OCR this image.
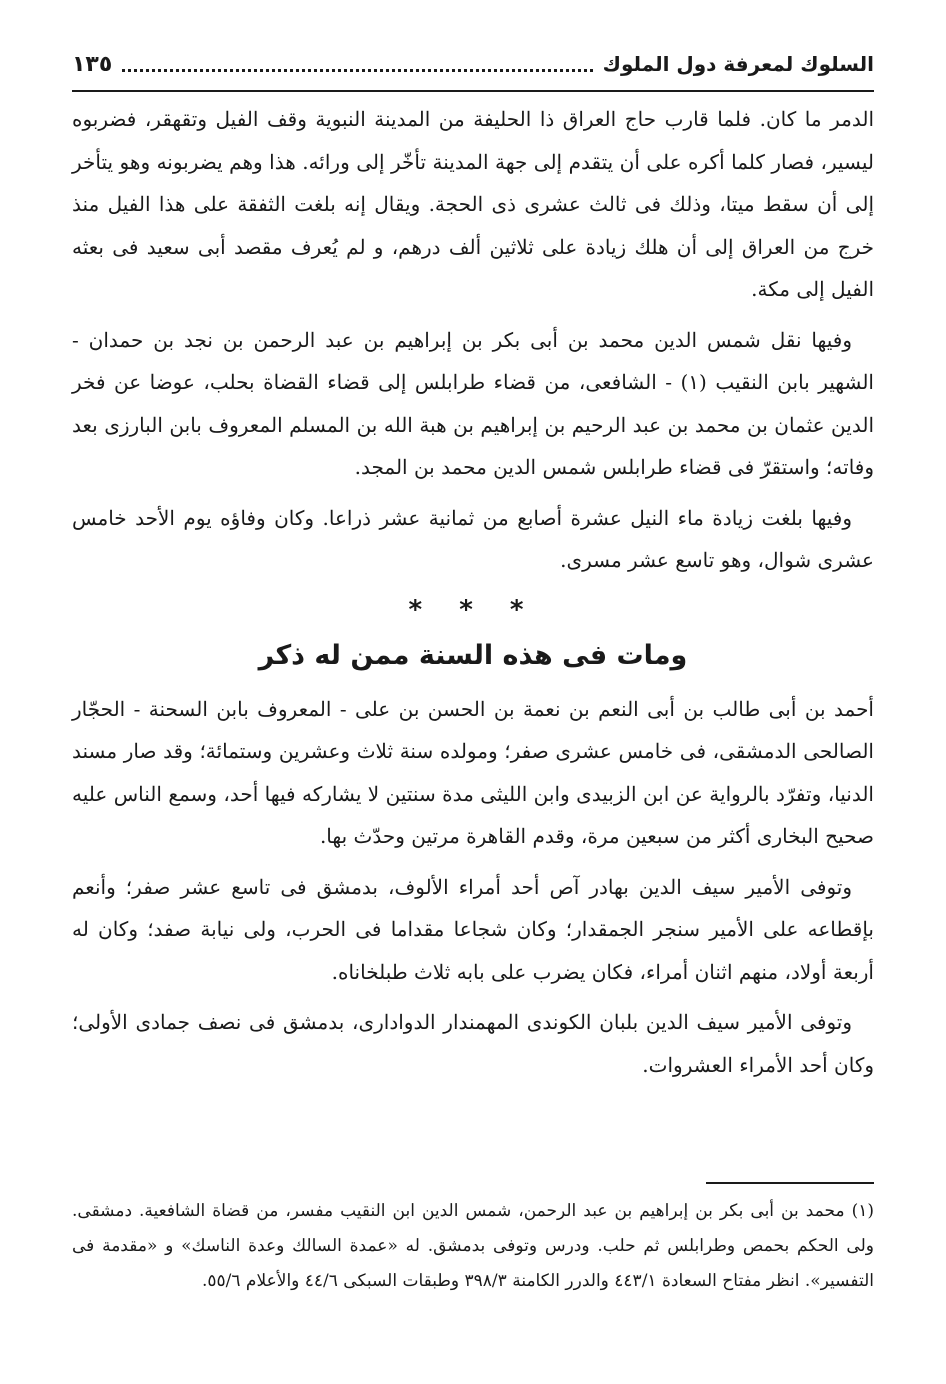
السلوك لمعرفة دول الملوك
١٣٥

الدمر ما كان. فلما قارب حاج العراق ذا الحليفة من المدينة النبوية وقف الفيل وتقهقر، فضربوه ليسير، فصار كلما أكره على أن يتقدم إلى جهة المدينة تأخّر إلى ورائه. هذا وهم يضربونه وهو يتأخر إلى أن سقط ميتا، وذلك فى ثالث عشرى ذى الحجة. ويقال إنه بلغت الثفقة على هذا الفيل منذ خرج من العراق إلى أن هلك زيادة على ثلاثين ألف درهم، و لم يُعرف مقصد أبى سعيد فى بعثه الفيل إلى مكة.

وفيها نقل شمس الدين محمد بن أبى بكر بن إبراهيم بن عبد الرحمن بن نجد بن حمدان - الشهير بابن النقيب (١) - الشافعى، من قضاء طرابلس إلى قضاء القضاة بحلب، عوضا عن فخر الدين عثمان بن محمد بن عبد الرحيم بن إبراهيم بن هبة الله بن المسلم المعروف بابن البارزى بعد وفاته؛ واستقرّ فى قضاء طرابلس شمس الدين محمد بن المجد.

وفيها بلغت زيادة ماء النيل عشرة أصابع من ثمانية عشر ذراعا. وكان وفاؤه يوم الأحد خامس عشرى شوال، وهو تاسع عشر مسرى.

* * *
ومات فى هذه السنة ممن له ذكر

أحمد بن أبى طالب بن أبى النعم بن نعمة بن الحسن بن على - المعروف بابن السحنة - الحجّار الصالحى الدمشقى، فى خامس عشرى صفر؛ ومولده سنة ثلاث وعشرين وستمائة؛ وقد صار مسند الدنيا، وتفرّد بالرواية عن ابن الزبيدى وابن الليثى مدة سنتين لا يشاركه فيها أحد، وسمع الناس عليه صحيح البخارى أكثر من سبعين مرة، وقدم القاهرة مرتين وحدّث بها.

وتوفى الأمير سيف الدين بهادر آص أحد أمراء الألوف، بدمشق فى تاسع عشر صفر؛ وأنعم بإقطاعه على الأمير سنجر الجمقدار؛ وكان شجاعا مقداما فى الحرب، ولى نيابة صفد؛ وكان له أربعة أولاد، منهم اثنان أمراء، فكان يضرب على بابه ثلاث طبلخاناه.

وتوفى الأمير سيف الدين بلبان الكوندى المهمندار الدوادارى، بدمشق فى نصف جمادى الأولى؛ وكان أحد الأمراء العشروات.

(١) محمد بن أبى بكر بن إبراهيم بن عبد الرحمن، شمس الدين ابن النقيب مفسر، من قضاة الشافعية. دمشقى. ولى الحكم بحمص وطرابلس ثم حلب. ودرس وتوفى بدمشق. له «عمدة السالك وعدة الناسك» و «مقدمة فى التفسير». انظر مفتاح السعادة ٤٤٣/١ والدرر الكامنة ٣٩٨/٣ وطبقات السبكى ٤٤/٦ والأعلام ٥٥/٦.
